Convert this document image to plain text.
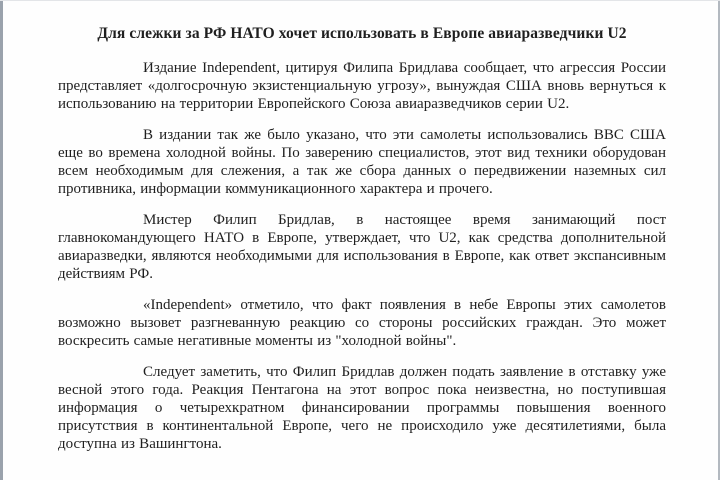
Для слежки за РФ НАТО хочет использовать в Европе авиаразведчики U2

Издание Independent, цитируя Филипа Бридлава сообщает, что агрессия России представляет «долгосрочную экзистенциальную угрозу», вынуждая США вновь вернуться к использованию на территории Европейского Союза авиаразведчиков серии U2.

В издании так же было указано, что эти самолеты использовались ВВС США еще во времена холодной войны. По заверению специалистов, этот вид техники оборудован всем необходимым для слежения, а так же сбора данных о передвижении наземных сил противника, информации коммуникационного характера и прочего.

Мистер Филип Бридлав, в настоящее время занимающий пост главнокомандующего НАТО в Европе, утверждает, что U2, как средства дополнительной авиаразведки, являются необходимыми для использования в Европе, как ответ экспансивным действиям РФ.

«Independent» отметило, что факт появления в небе Европы этих самолетов возможно вызовет разгневанную реакцию со стороны российских граждан. Это может воскресить самые негативные моменты из "холодной войны".

Следует заметить, что Филип Бридлав должен подать заявление в отставку уже весной этого года. Реакция Пентагона на этот вопрос пока неизвестна, но поступившая информация о четырехкратном финансировании программы повышения военного присутствия в континентальной Европе, чего не происходило уже десятилетиями, была доступна из Вашингтона.
